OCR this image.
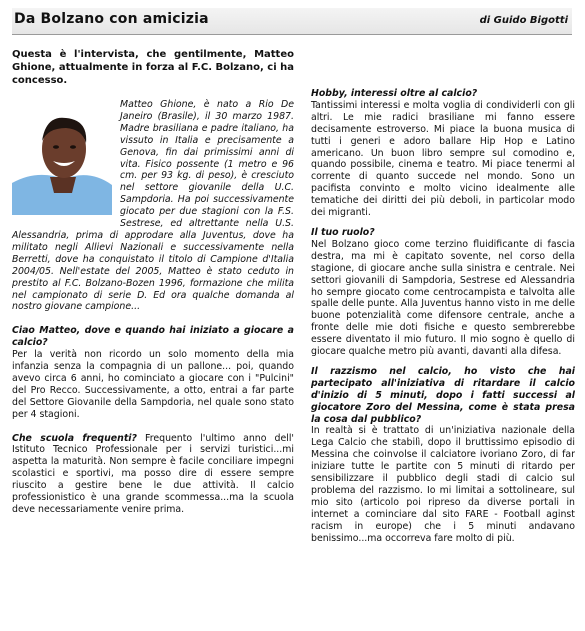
Da Bolzano con amicizia	di Guido Bigotti

Questa è l'intervista, che gentilmente, Matteo Ghione, attualmente in forza al F.C. Bolzano, ci ha concesso.

Matteo Ghione, è nato a Rio De Janeiro (Brasile), il 30 marzo 1987. Madre brasiliana e padre italiano, ha vissuto in Italia e precisamente a Genova, fin dai primissimi anni di vita. Fisico possente (1 metro e 96 cm. per 93 kg. di peso), è cresciuto nel settore giovanile della U.C. Sampdoria. Ha poi successivamente giocato per due stagioni con la F.S. Sestrese, ed altrettante nella U.S. Alessandria, prima di approdare alla Juventus, dove ha militato negli Allievi Nazionali e successivamente nella Berretti, dove ha conquistato il titolo di Campione d'Italia 2004/05. Nell'estate del 2005, Matteo è stato ceduto in prestito al F.C. Bolzano-Bozen 1996, formazione che milita nel campionato di serie D. Ed ora qualche domanda al nostro giovane campione...

Ciao Matteo, dove e quando hai iniziato a giocare a calcio?

Per la verità non ricordo un solo momento della mia infanzia senza la compagnia di un pallone... poi, quando avevo circa 6 anni, ho cominciato a giocare con i "Pulcini" del Pro Recco. Successivamente, a otto, entrai a far parte del Settore Giovanile della Sampdoria, nel quale sono stato per 4 stagioni.

Che scuola frequenti? Frequento l'ultimo anno dell' Istituto Tecnico Professionale per i servizi turistici...mi aspetta la maturità. Non sempre è facile conciliare impegni scolastici e sportivi, ma posso dire di essere sempre riuscito a gestire bene le due attività. Il calcio professionistico è una grande scommessa...ma la scuola deve necessariamente venire prima.

Hobby, interessi oltre al calcio?

Tantissimi interessi e molta voglia di condividerli con gli altri. Le mie radici brasiliane mi fanno essere decisamente estroverso. Mi piace la buona musica di tutti i generi e adoro ballare Hip Hop e Latino americano. Un buon libro sempre sul comodino e, quando possibile, cinema e teatro. Mi piace tenermi al corrente di quanto succede nel mondo. Sono un pacifista convinto e molto vicino idealmente alle tematiche dei diritti dei più deboli, in particolar modo dei migranti.

Il tuo ruolo?

Nel Bolzano gioco come terzino fluidificante di fascia destra, ma mi è capitato sovente, nel corso della stagione, di giocare anche sulla sinistra e centrale. Nei settori giovanili di Sampdoria, Sestrese ed Alessandria ho sempre giocato come centrocampista e talvolta alle spalle delle punte. Alla Juventus hanno visto in me delle buone potenzialità come difensore centrale, anche a fronte delle mie doti fisiche e questo sembrerebbe essere diventato il mio futuro. Il mio sogno è quello di giocare qualche metro più avanti, davanti alla difesa.

Il razzismo nel calcio, ho visto che hai partecipato all'iniziativa di ritardare il calcio d'inizio di 5 minuti, dopo i fatti successi al giocatore Zoro del Messina, come è stata presa la cosa dal pubblico?

In realtà si è trattato di un'iniziativa nazionale della Lega Calcio che stabilì, dopo il bruttissimo episodio di Messina che coinvolse il calciatore ivoriano Zoro, di far iniziare tutte le partite con 5 minuti di ritardo per sensibilizzare il pubblico degli stadi di calcio sul problema del razzismo. Io mi limitai a sottolineare, sul mio sito (articolo poi ripreso da diverse portali in internet a cominciare dal sito FARE - Football aginst racism in europe) che i 5 minuti andavano benissimo...ma occorreva fare molto di più.
